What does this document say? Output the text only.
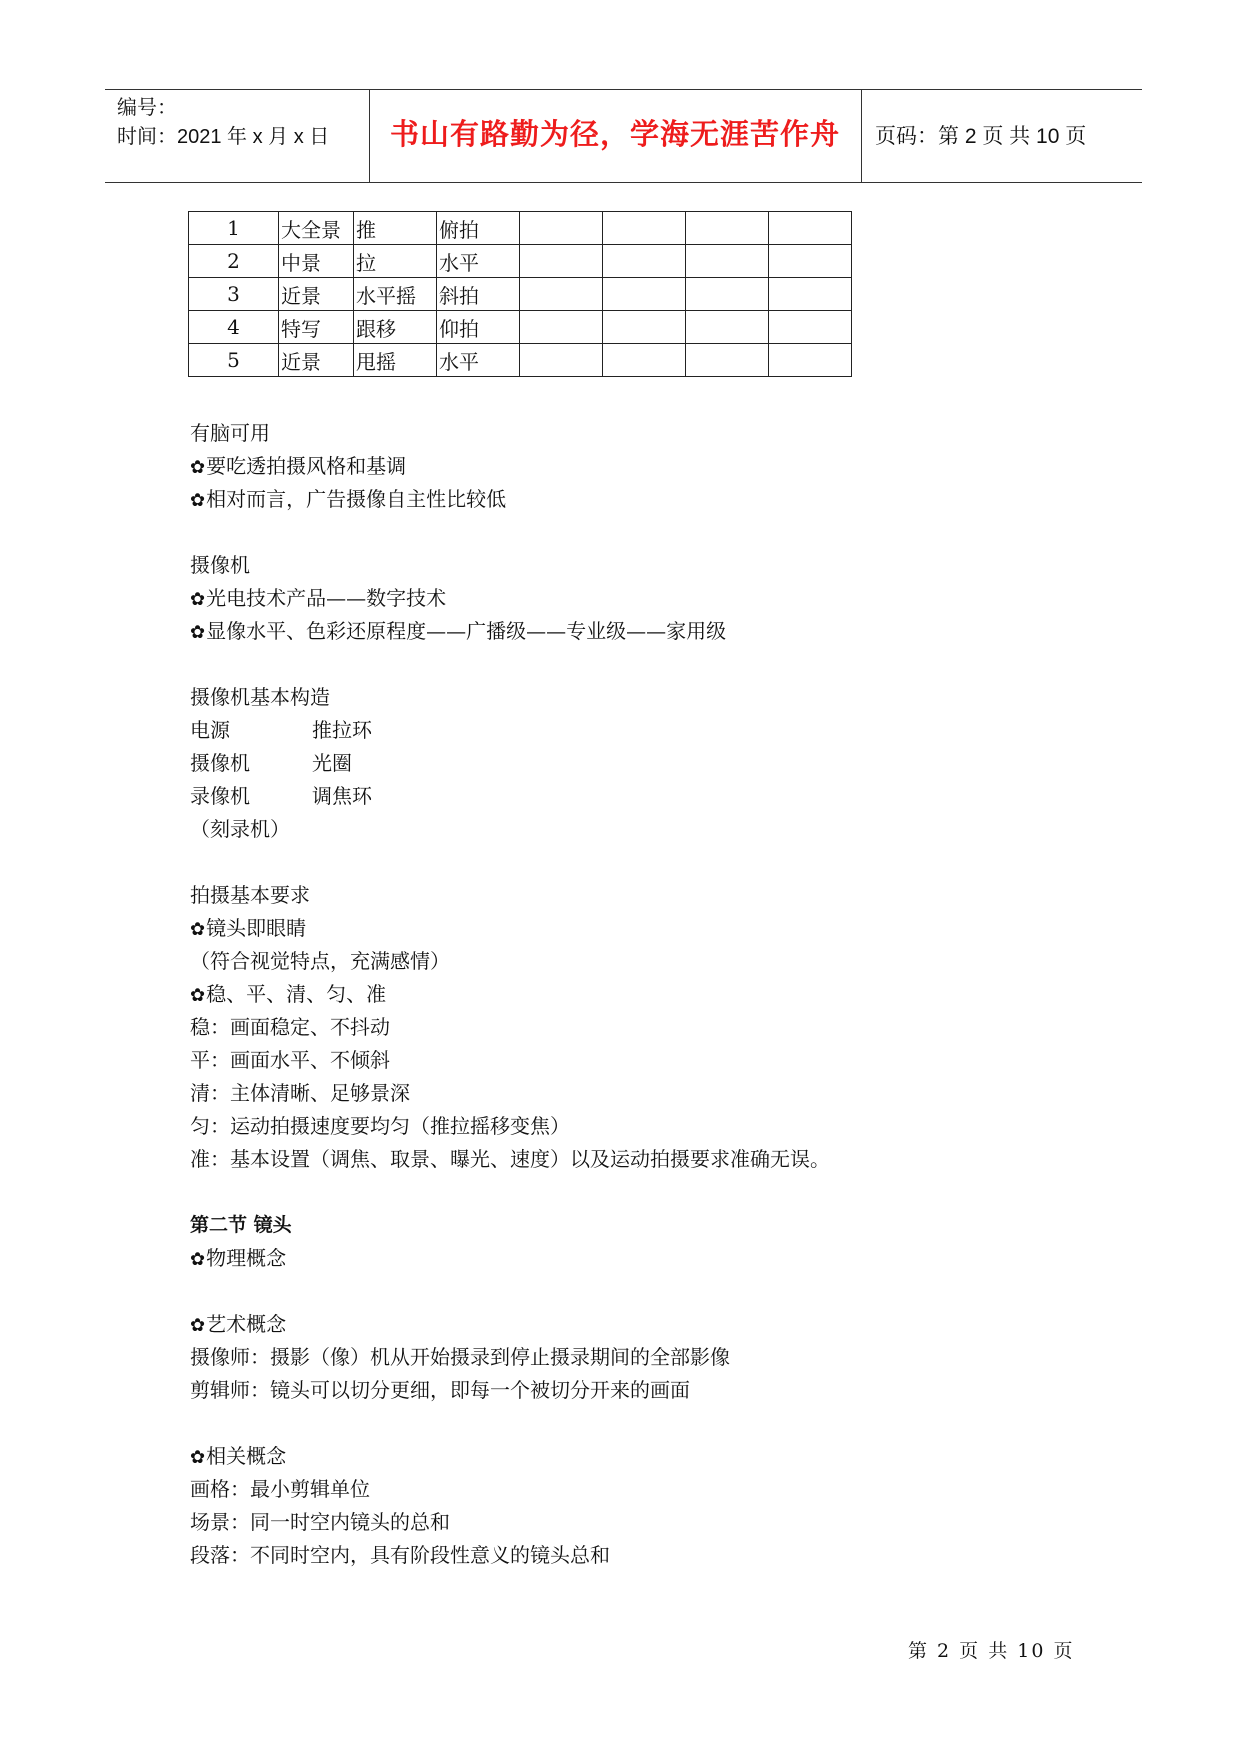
编号：
时间：2021 年 x 月 x 日	书山有路勤为径，学海无涯苦作舟	页码：第 2 页 共 10 页
1	大全景	推	俯拍				
2	中景	拉	水平				
3	近景	水平摇	斜拍				
4	特写	跟移	仰拍				
5	近景	甩摇	水平				
有脑可用
✿要吃透拍摄风格和基调
✿相对而言，广告摄像自主性比较低
摄像机
✿光电技术产品——数字技术
✿显像水平、色彩还原程度——广播级——专业级——家用级
摄像机基本构造
电源	推拉环
摄像机	光圈
录像机	调焦环
（刻录机）
拍摄基本要求
✿镜头即眼睛
（符合视觉特点，充满感情）
✿稳、平、清、匀、准
稳：画面稳定、不抖动
平：画面水平、不倾斜
清：主体清晰、足够景深
匀：运动拍摄速度要均匀（推拉摇移变焦）
准：基本设置（调焦、取景、曝光、速度）以及运动拍摄要求准确无误。
第二节 镜头
✿物理概念
✿艺术概念
摄像师：摄影（像）机从开始摄录到停止摄录期间的全部影像
剪辑师：镜头可以切分更细，即每一个被切分开来的画面
✿相关概念
画格：最小剪辑单位
场景：同一时空内镜头的总和
段落：不同时空内，具有阶段性意义的镜头总和
第 2 页 共 10 页
